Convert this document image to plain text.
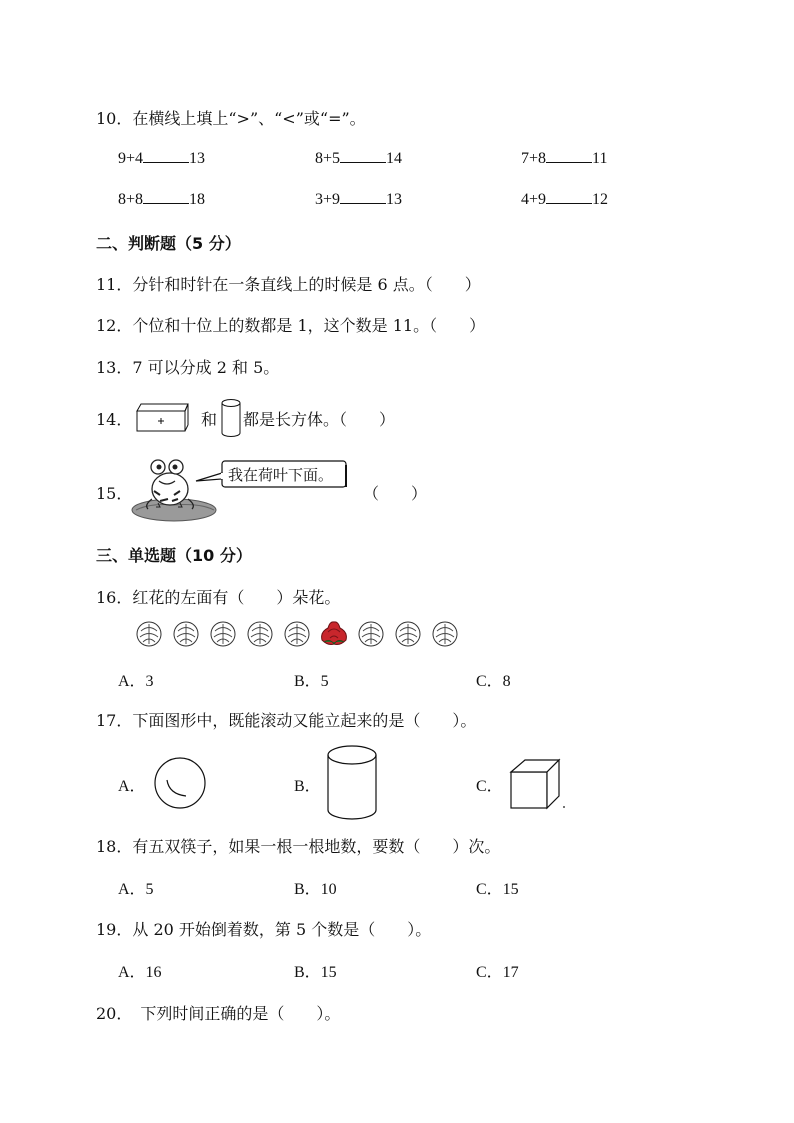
10．在横线上填上“>”、“<”或“=”。
9+4	13	8+5	14	7+8	11
8+8	18	3+9	13	4+9	12
二、判断题（5 分）
11．分针和时针在一条直线上的时候是 6 点。（　　）
12．个位和十位上的数都是 1，这个数是 11。（　　）
13．7 可以分成 2 和 5。
14．	和 都是长方体。（　　）
15．
我在荷叶下面。
（　　）
三、单选题（10 分）
16．红花的左面有（　　）朵花。
A．3	B．5	C．8
17．下面图形中，既能滚动又能立起来的是（　　）。
A．	B．	C．
18．有五双筷子，如果一根一根地数，要数（　　）次。
A．5	B．10	C．15
19．从 20 开始倒着数，第 5 个数是（　　）。
A．16	B．15	C．17
20．　下列时间正确的是（　　）。
